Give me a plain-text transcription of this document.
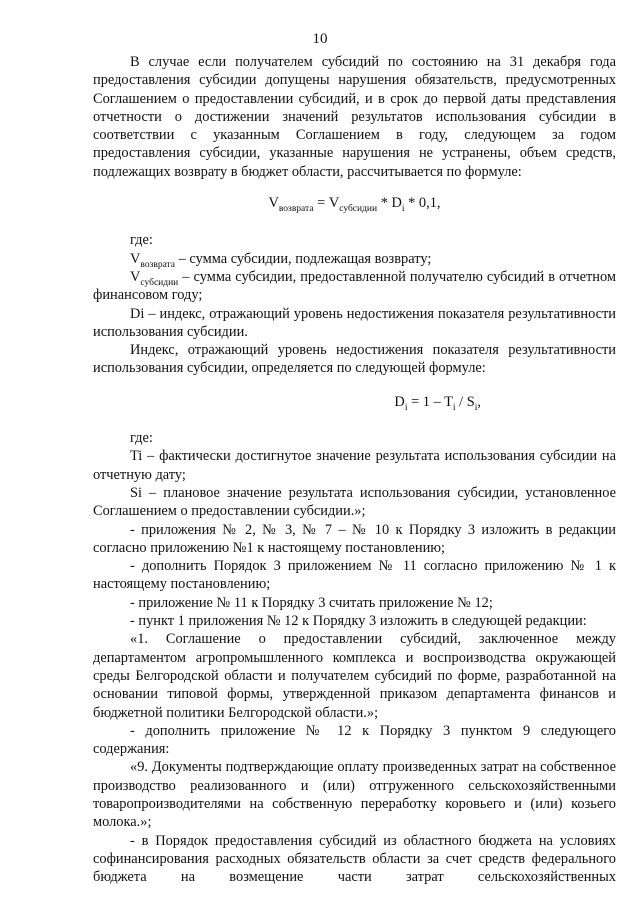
10

В случае если получателем субсидий по состоянию на 31 декабря года предоставления субсидии допущены нарушения обязательств, предусмотренных Соглашением о предоставлении субсидий, и в срок до первой даты представления отчетности о достижении значений результатов использования субсидии в соответствии с указанным Соглашением в году, следующем за годом предоставления субсидии, указанные нарушения не устранены, объем средств, подлежащих возврату в бюджет области, рассчитывается по формуле:

$V_{возврата} = V_{субсидии} * D_i * 0,1$,

где:

$V_{возврата}$ – сумма субсидии, подлежащая возврату;

$V_{субсидии}$ – сумма субсидии, предоставленной получателю субсидий в отчетном финансовом году;

Di – индекс, отражающий уровень недостижения показателя результативности использования субсидии.

Индекс, отражающий уровень недостижения показателя результативности использования субсидии, определяется по следующей формуле:

$D_i = 1 - T_i / S_i$,

где:

Ti – фактически достигнутое значение результата использования субсидии на отчетную дату;

Si – плановое значение результата использования субсидии, установленное Соглашением о предоставлении субсидии.»;

- приложения № 2, № 3, № 7 – № 10 к Порядку 3 изложить в редакции согласно приложению №1 к настоящему постановлению;

- дополнить Порядок 3 приложением № 11 согласно приложению № 1 к настоящему постановлению;

- приложение № 11 к Порядку 3 считать приложение № 12;

- пункт 1 приложения № 12 к Порядку 3 изложить в следующей редакции:

«1. Соглашение о предоставлении субсидий, заключенное между департаментом агропромышленного комплекса и воспроизводства окружающей среды Белгородской области и получателем субсидий по форме, разработанной на основании типовой формы, утвержденной приказом департамента финансов и бюджетной политики Белгородской области.»;

- дополнить приложение № 12 к Порядку 3 пунктом 9 следующего содержания:

«9. Документы подтверждающие оплату произведенных затрат на собственное производство реализованного и (или) отгруженного сельскохозяйственными товаропроизводителями на собственную переработку коровьего и (или) козьего молока.»;

- в Порядок предоставления субсидий из областного бюджета на условиях софинансирования расходных обязательств области за счет средств федерального бюджета на возмещение части затрат сельскохозяйственных
